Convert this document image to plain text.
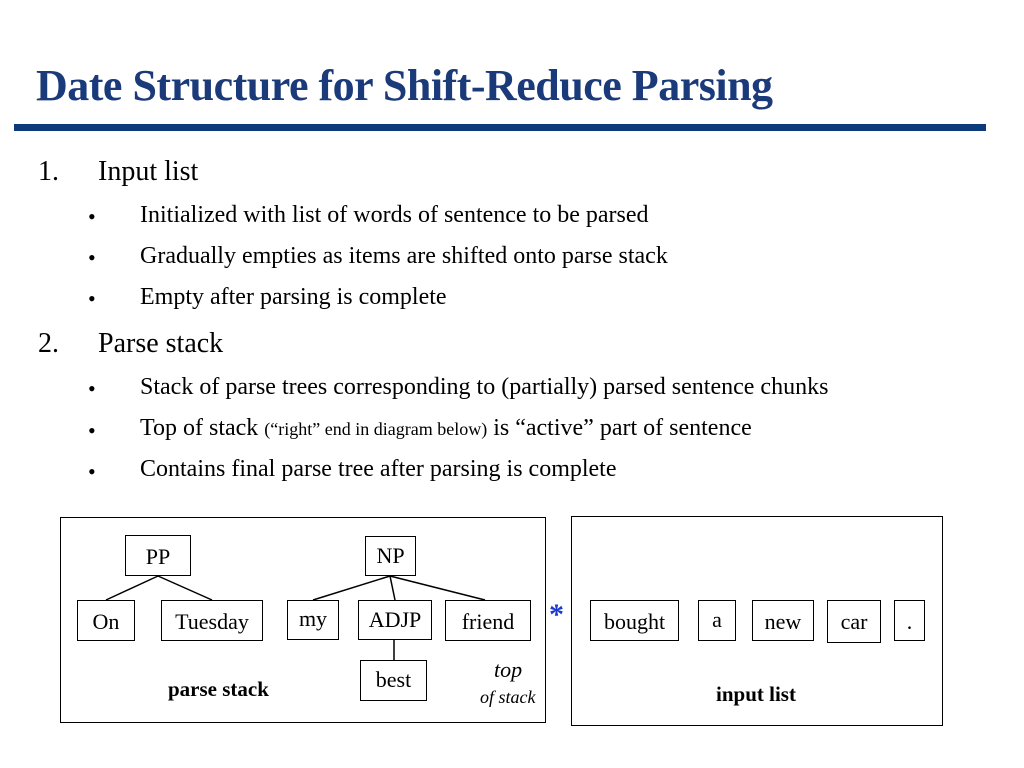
Date Structure for Shift-Reduce Parsing
1. Input list
• Initialized with list of words of sentence to be parsed
• Gradually empties as items are shifted onto parse stack
• Empty after parsing is complete
2. Parse stack
• Stack of parse trees corresponding to (partially) parsed sentence chunks
• Top of stack (“right” end in diagram below) is “active” part of sentence
• Contains final parse tree after parsing is complete
PP
On	Tuesday
NP
my	ADJP	friend
best
parse stack
top
of stack
*	bought	a	new	car	.
input list
